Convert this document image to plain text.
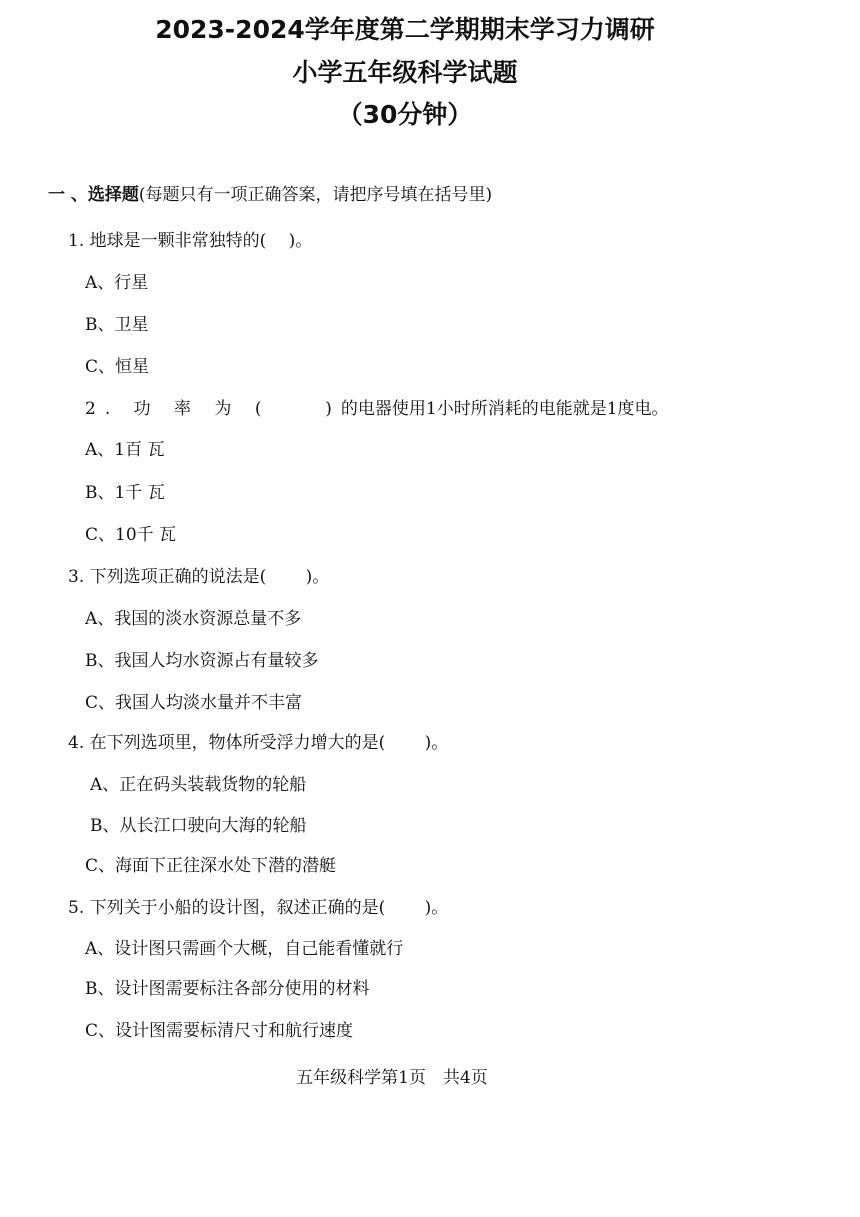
2023-2024学年度第二学期期末学习力调研
小学五年级科学试题
（30分钟）
一 、选择题(每题只有一项正确答案，请把序号填在括号里)
1. 地球是一颗非常独特的(　 )。
A、行星
B、卫星
C、恒星
2. 功 率 为 ( 　 )的电器使用1小时所消耗的电能就是1度电。
A、1百 瓦
B、1千 瓦
C、10千 瓦
3. 下列选项正确的说法是(　 　)。
A、我国的淡水资源总量不多
B、我国人均水资源占有量较多
C、我国人均淡水量并不丰富
4. 在下列选项里，物体所受浮力增大的是(　 　)。
A、正在码头装载货物的轮船
B、从长江口驶向大海的轮船
C、海面下正往深水处下潜的潜艇
5. 下列关于小船的设计图，叙述正确的是(　 　)。
A、设计图只需画个大概，自己能看懂就行
B、设计图需要标注各部分使用的材料
C、设计图需要标清尺寸和航行速度
五年级科学第1页　共4页
